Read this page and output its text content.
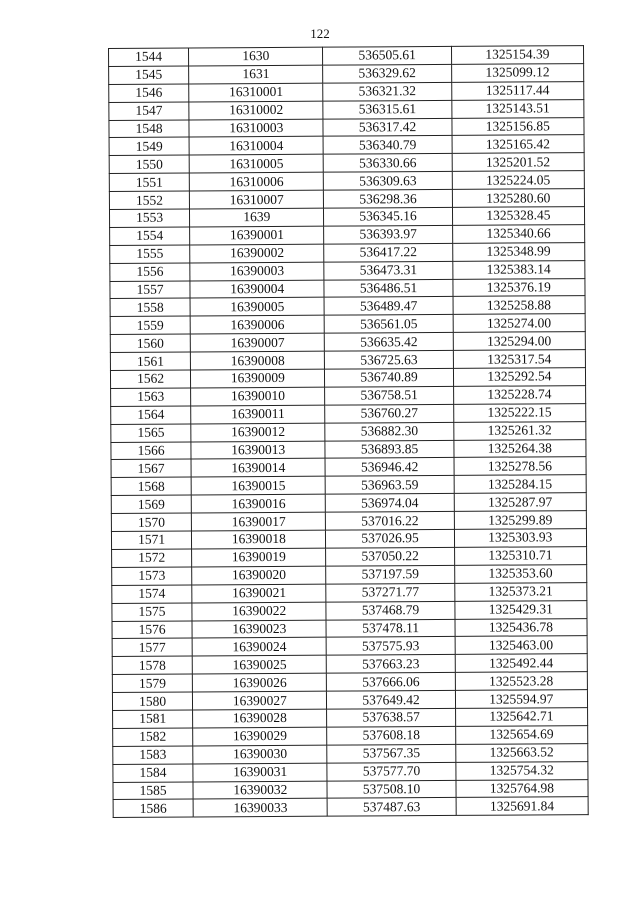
122
1544	1630	536505.61	1325154.39
1545	1631	536329.62	1325099.12
1546	16310001	536321.32	1325117.44
1547	16310002	536315.61	1325143.51
1548	16310003	536317.42	1325156.85
1549	16310004	536340.79	1325165.42
1550	16310005	536330.66	1325201.52
1551	16310006	536309.63	1325224.05
1552	16310007	536298.36	1325280.60
1553	1639	536345.16	1325328.45
1554	16390001	536393.97	1325340.66
1555	16390002	536417.22	1325348.99
1556	16390003	536473.31	1325383.14
1557	16390004	536486.51	1325376.19
1558	16390005	536489.47	1325258.88
1559	16390006	536561.05	1325274.00
1560	16390007	536635.42	1325294.00
1561	16390008	536725.63	1325317.54
1562	16390009	536740.89	1325292.54
1563	16390010	536758.51	1325228.74
1564	16390011	536760.27	1325222.15
1565	16390012	536882.30	1325261.32
1566	16390013	536893.85	1325264.38
1567	16390014	536946.42	1325278.56
1568	16390015	536963.59	1325284.15
1569	16390016	536974.04	1325287.97
1570	16390017	537016.22	1325299.89
1571	16390018	537026.95	1325303.93
1572	16390019	537050.22	1325310.71
1573	16390020	537197.59	1325353.60
1574	16390021	537271.77	1325373.21
1575	16390022	537468.79	1325429.31
1576	16390023	537478.11	1325436.78
1577	16390024	537575.93	1325463.00
1578	16390025	537663.23	1325492.44
1579	16390026	537666.06	1325523.28
1580	16390027	537649.42	1325594.97
1581	16390028	537638.57	1325642.71
1582	16390029	537608.18	1325654.69
1583	16390030	537567.35	1325663.52
1584	16390031	537577.70	1325754.32
1585	16390032	537508.10	1325764.98
1586	16390033	537487.63	1325691.84
